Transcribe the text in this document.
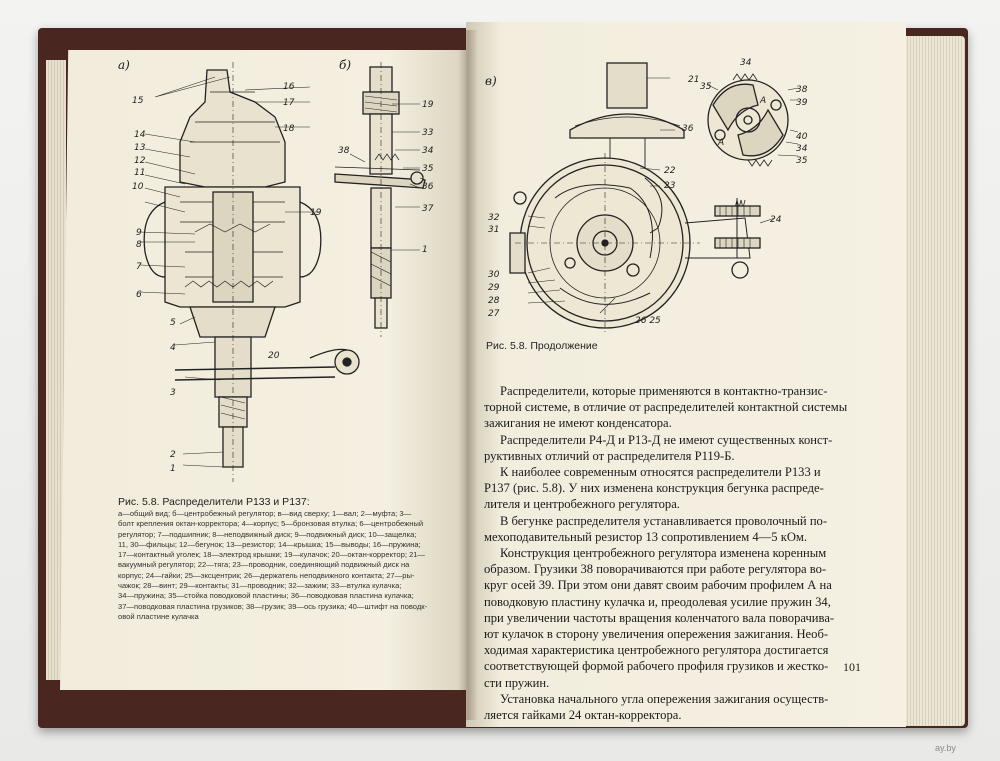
а)	б)
15
14
13
12
11
10
9
8
7
6
5
4
3
2
1
16
17
18
19
20
38
19
33
34
35
36
37
1
Рис. 5.8. Распределители Р133 и Р137:
а—общий вид; б—центробежный регулятор; в—вид сверху; 1—вал; 2—муфта; 3—
болт крепления октан-корректора; 4—корпус; 5—бронзовая втулка; 6—центробежный
регулятор; 7—подшипник; 8—неподвижный диск; 9—подвижный диск; 10—защелка;
11, 30—фильцы; 12—бегунок; 13—резистор; 14—крышка; 15—выводы; 16—пружина;
17—контактный уголек; 18—электрод крышки; 19—кулачок; 20—октан-корректор; 21—
вакуумный регулятор; 22—тяга; 23—проводник, соединяющий подвижный диск на
корпус; 24—гайки; 25—эксцентрик; 26—держатель неподвижного контакта; 27—ры-
чажок; 28—винт; 29—контакты; 31—проводник; 32—зажим; 33—втулка кулачка;
34—пружина; 35—стойка поводковой пластины; 36—поводковая пластина кулачка;
37—поводковая пластина грузиков; 38—грузик; 39—ось грузика; 40—штифт на поводк-
овой пластине кулачка
в)	21
36
22
23
32
31
30
29
28
27
26 25
24
34
35	38
39
40
34
35
A
A
Рис. 5.8. Продолжение

Распределители, которые применяются в контактно-транзис-

торной системе, в отличие от распределителей контактной системы

зажигания не имеют конденсатора.

Распределители Р4-Д и Р13-Д не имеют существенных конст-

руктивных отличий от распределителя Р119-Б.

К наиболее современным относятся распределители Р133 и

Р137 (рис. 5.8). У них изменена конструкция бегунка распреде-

лителя и центробежного регулятора.

В бегунке распределителя устанавливается проволочный по-

мехоподавительный резистор 13 сопротивлением 4—5 кОм.

Конструкция центробежного регулятора изменена коренным

образом. Грузики 38 поворачиваются при работе регулятора во-

круг осей 39. При этом они давят своим рабочим профилем А на

поводковую пластину кулачка и, преодолевая усилие пружин 34,

при увеличении частоты вращения коленчатого вала поворачива-

ют кулачок в сторону увеличения опережения зажигания. Необ-

ходимая характеристика центробежного регулятора достигается

соответствующей формой рабочего профиля грузиков и жестко-

сти пружин.

Установка начального угла опережения зажигания осуществ-

ляется гайками 24 октан-корректора.

101
ay.by
